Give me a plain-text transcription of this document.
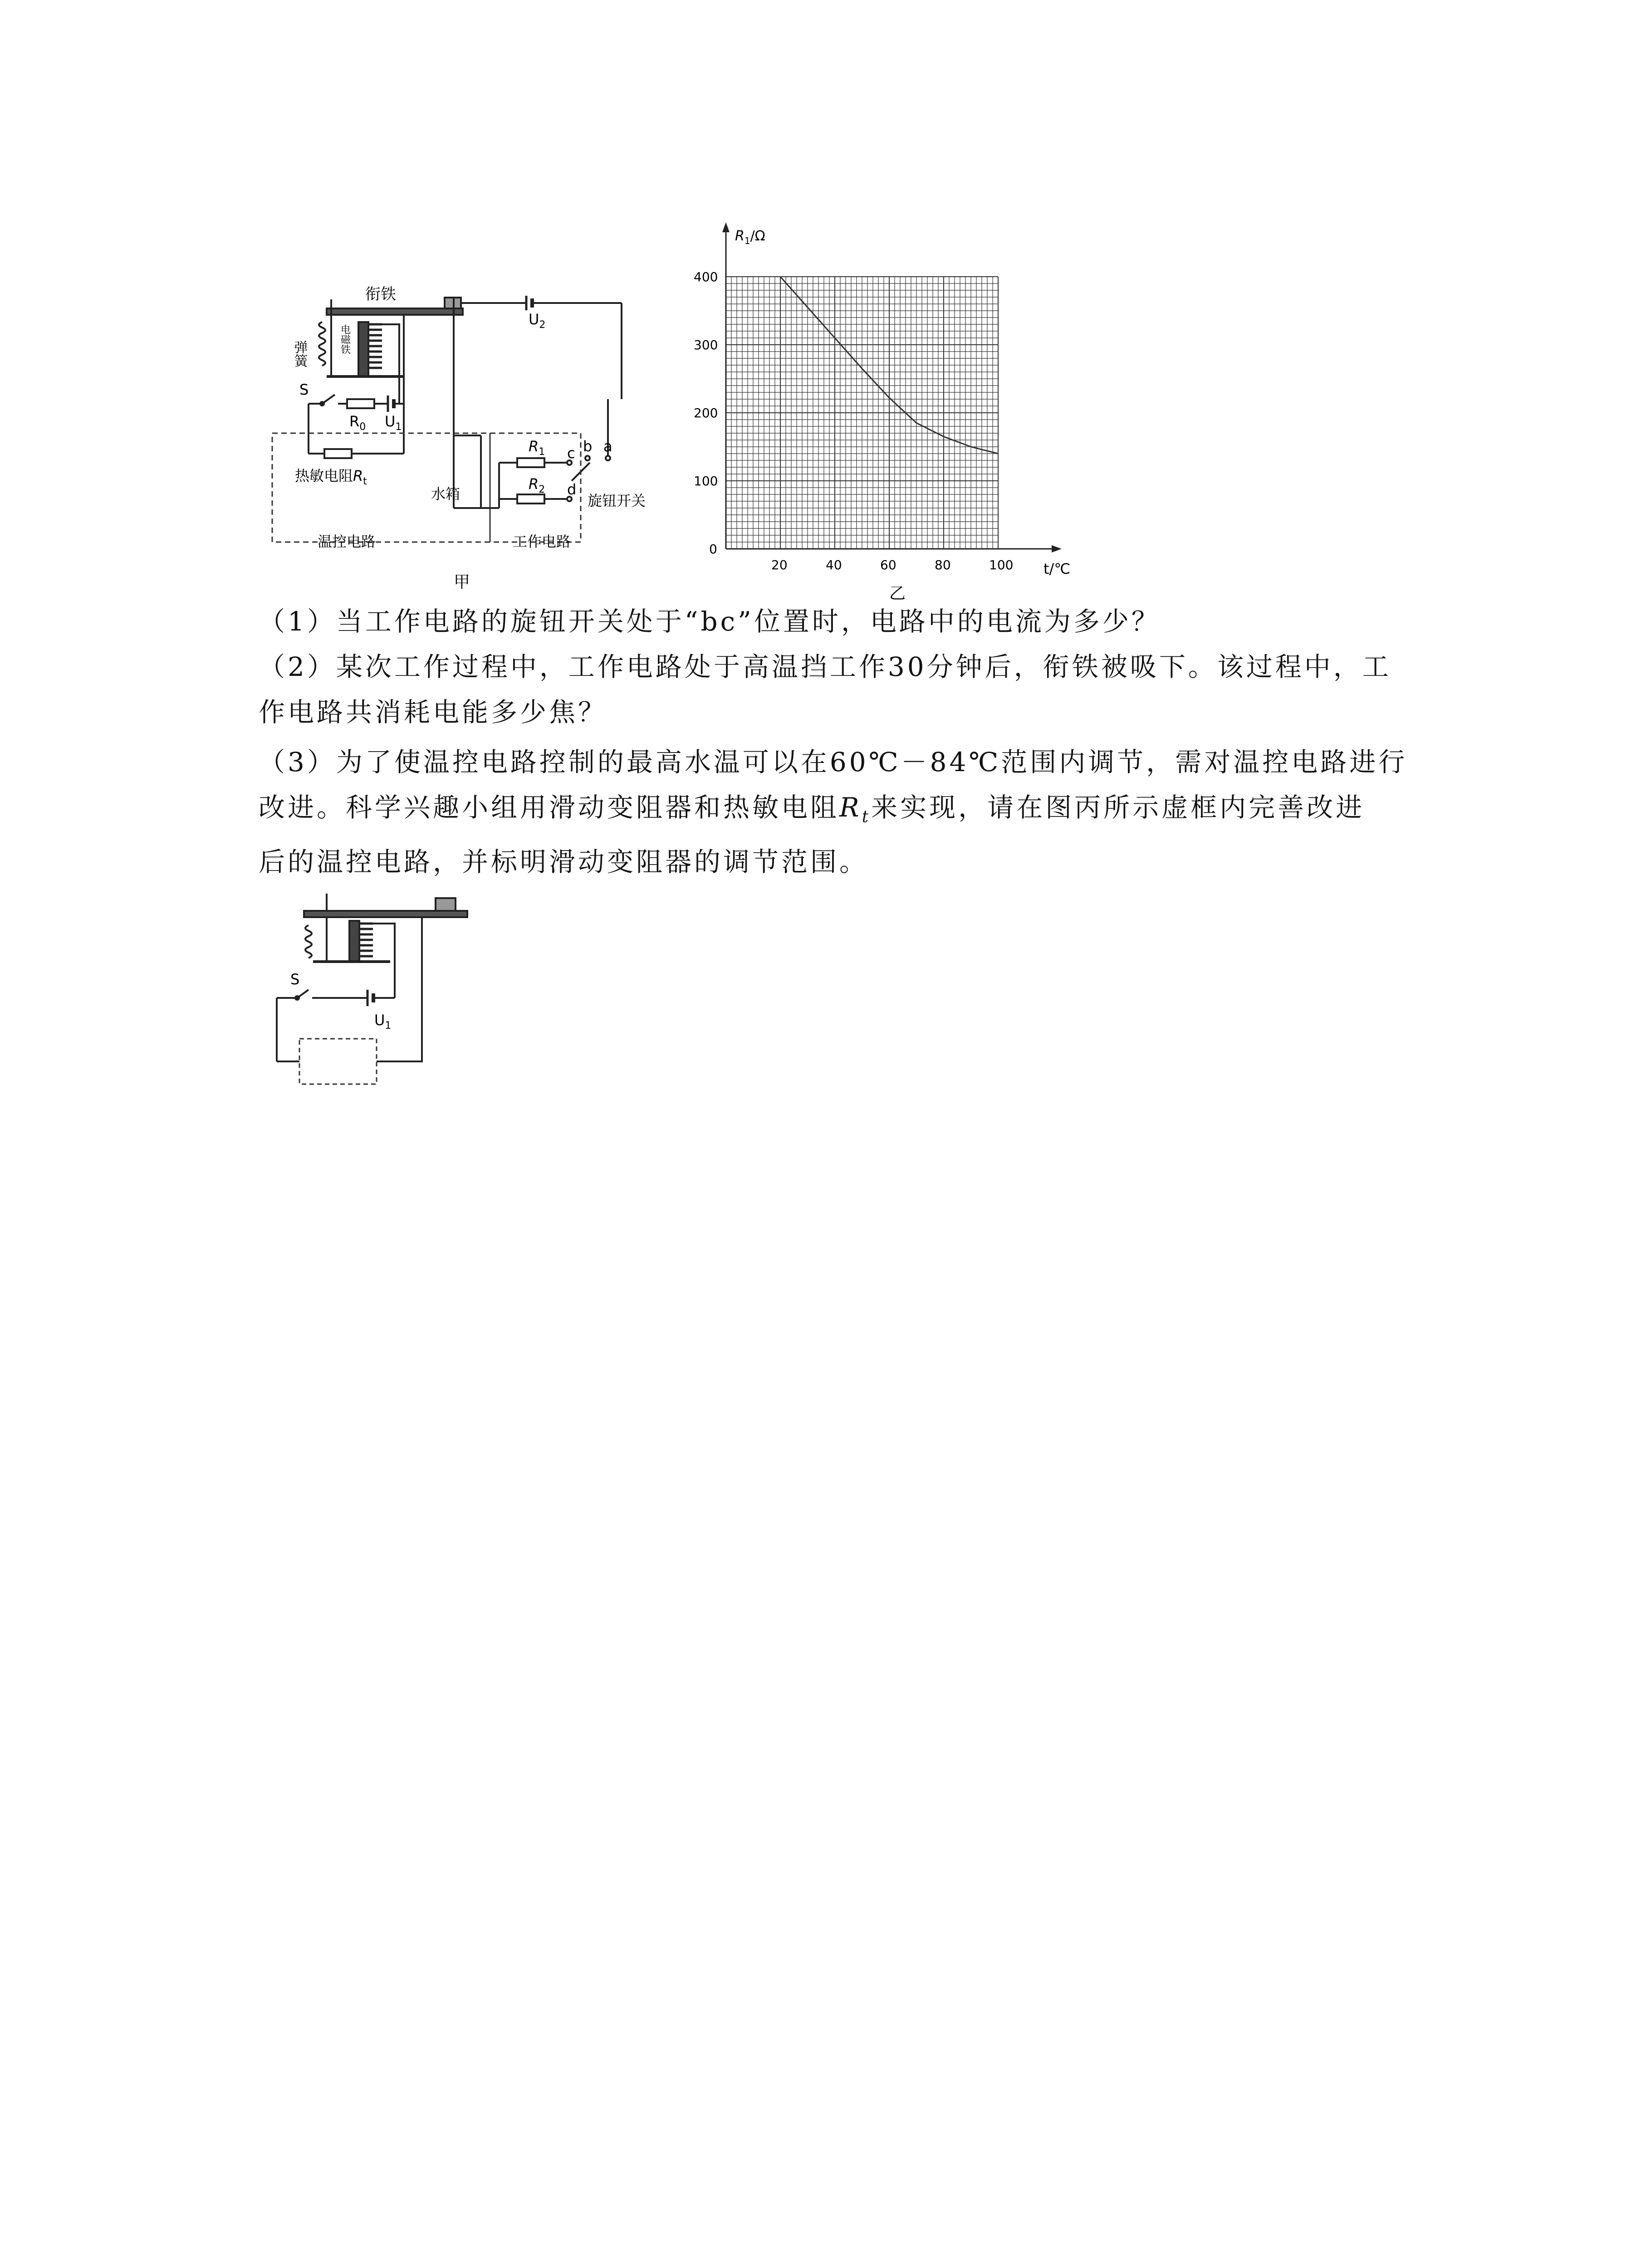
衔铁
弹簧	电磁铁
S
$R_0$ $U_1$
$U_2$
热敏电阻$R_t$
水箱
$R_1$
$R_2$
a
b
c
d
旋钮开关
温控电路	工作电路
甲
20	40	60	80	100
0
100
200
300
400
$R_1/\Omega$
t/℃
乙
（1）当工作电路的旋钮开关处于“bc”位置时，电路中的电流为多少？
（2）某次工作过程中，工作电路处于高温挡工作30分钟后，衔铁被吸下。该过程中，工
作电路共消耗电能多少焦？
（3）为了使温控电路控制的最高水温可以在60℃－84℃范围内调节，需对温控电路进行
改进。科学兴趣小组用滑动变阻器和热敏电阻$R_t$来实现，请在图丙所示虚框内完善改进
后的温控电路，并标明滑动变阻器的调节范围。
S
$U_1$
